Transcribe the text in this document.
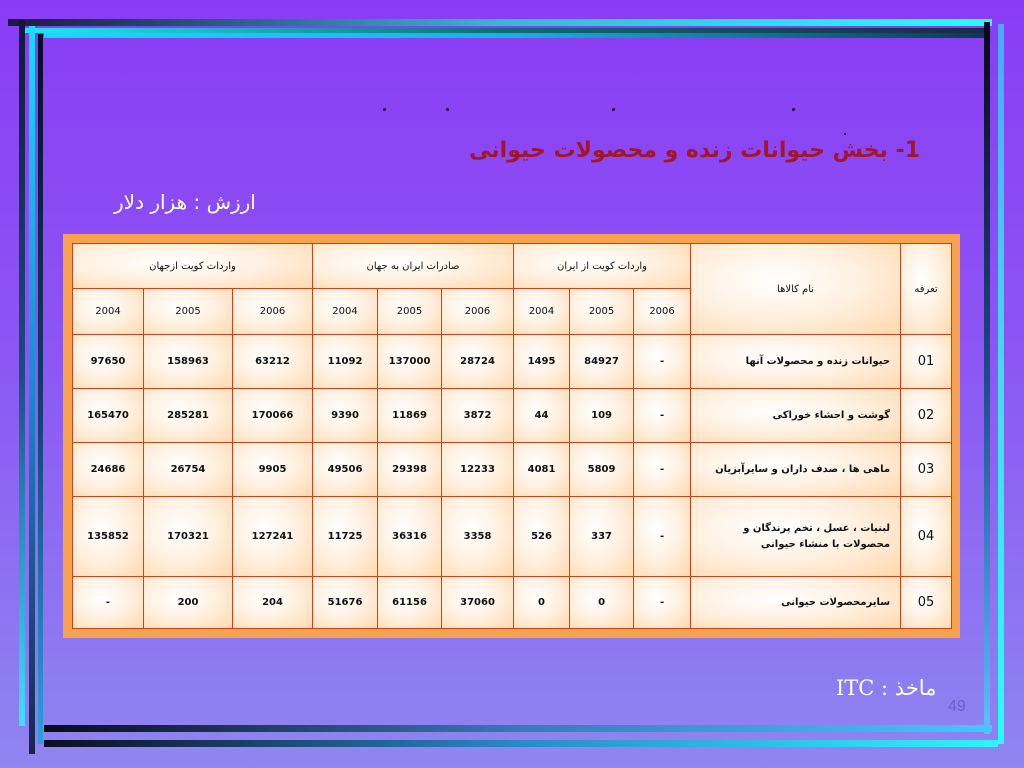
1- بخش حیوانات زنده و محصولات حیوانی
ارزش : هزار دلار
تعرفه	نام کالاها	واردات کویت از ایران			صادرات ایران به جهان			واردات کویت ازجهان		
		2006	2005	2004	2006	2005	2004	2006	2005	2004
01	حیوانات زنده و محصولات آنها	-	84927	1495	28724	137000	11092	63212	158963	97650
02	گوشت و احشاء خوراکی	-	109	44	3872	11869	9390	170066	285281	165470
03	ماهی ها ، صدف داران و سایرآبزیان	-	5809	4081	12233	29398	49506	9905	26754	24686
04	لبنیات ، عسل ، تخم پرندگان و محصولات با منشاء حیوانی	-	337	526	3358	36316	11725	127241	170321	135852
05	سایرمحصولات حیوانی	-	0	0	37060	61156	51676	204	200	-
ماخذ : ITC
49
